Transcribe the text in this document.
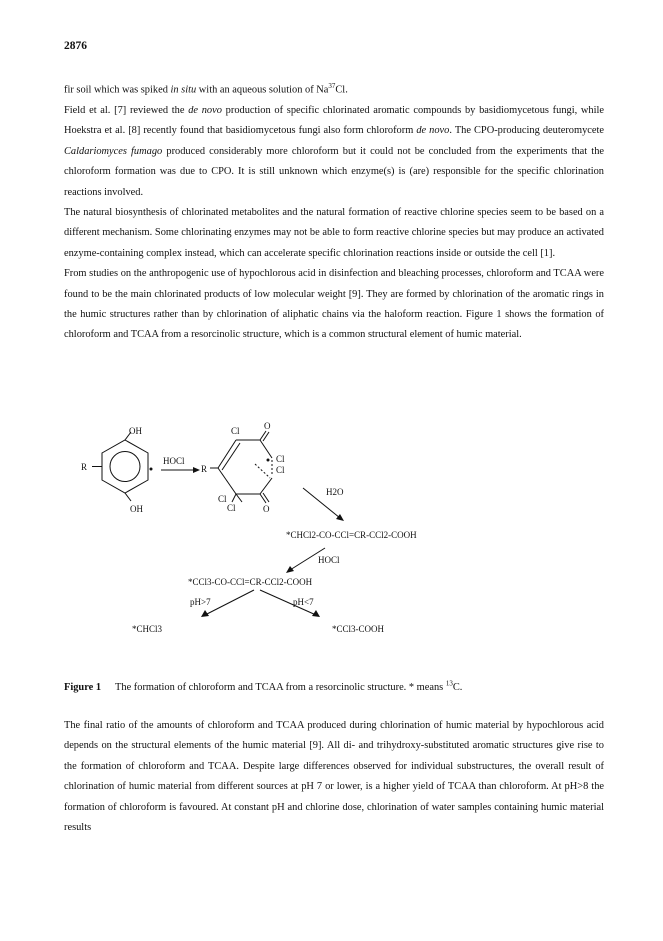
2876

fir soil which was spiked in situ with an aqueous solution of Na$^{37}$Cl.

Field et al. [7] reviewed the de novo production of specific chlorinated aromatic compounds by basidiomycetous fungi, while Hoekstra et al. [8] recently found that basidiomycetous fungi also form chloroform de novo. The CPO-producing deuteromycete Caldariomyces fumago produced considerably more chloroform but it could not be concluded from the experiments that the chloroform formation was due to CPO. It is still unknown which enzyme(s) is (are) responsible for the specific chlorination reactions involved.

The natural biosynthesis of chlorinated metabolites and the natural formation of reactive chlorine species seem to be based on a different mechanism. Some chlorinating enzymes may not be able to form reactive chlorine species but may produce an activated enzyme-containing complex instead, which can accelerate specific chlorination reactions inside or outside the cell [1].

From studies on the anthropogenic use of hypochlorous acid in disinfection and bleaching processes, chloroform and TCAA were found to be the main chlorinated products of low molecular weight [9]. They are formed by chlorination of the aromatic rings in the humic structures rather than by chlorination of aliphatic chains via the haloform reaction. Figure 1 shows the formation of chloroform and TCAA from a resorcinolic structure, which is a common structural element of humic material.

OH
OH
R
HOCl
R
Cl	O
Cl
Cl
Cl
Cl	O
H2O
*CHCl2-CO-CCl=CR-CCl2-COOH
HOCl
*CCl3-CO-CCl=CR-CCl2-COOH
pH>7	pH<7
*CHCl3	*CCl3-COOH
Figure 1 The formation of chloroform and TCAA from a resorcinolic structure. * means $^{13}$C.

The final ratio of the amounts of chloroform and TCAA produced during chlorination of humic material by hypochlorous acid depends on the structural elements of the humic material [9]. All di- and trihydroxy-substituted aromatic structures give rise to the formation of chloroform and TCAA. Despite large differences observed for individual substructures, the overall result of chlorination of humic material from different sources at pH 7 or lower, is a higher yield of TCAA than chloroform. At pH>8 the formation of chloroform is favoured. At constant pH and chlorine dose, chlorination of water samples containing humic material results
